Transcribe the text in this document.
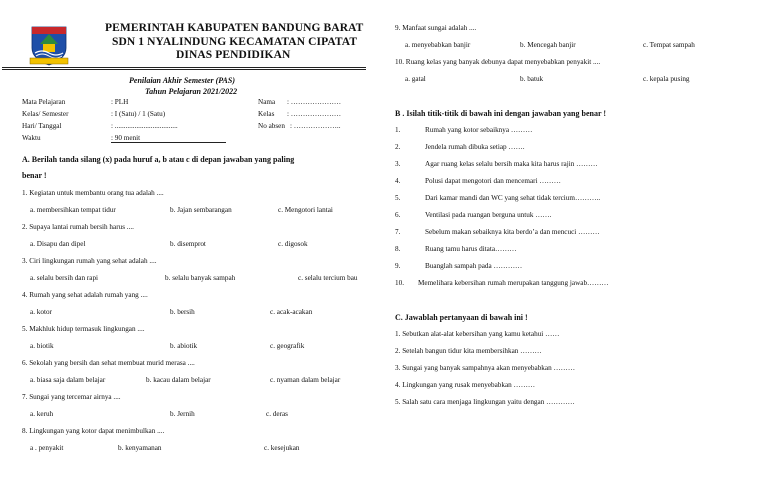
PEMERINTAH KABUPATEN BANDUNG BARAT
SDN 1 NYALINDUNG KECAMATAN CIPATAT
DINAS PENDIDIKAN
Penilaian Akhir Semester (PAS)
Tahun Pelajaran 2021/2022
Mata Pelajaran	: PLH
Kelas/ Semester	: I (Satu) / 1 (Satu)
Hari/ Tanggal	: ...................................
Waktu	: 90 menit
Nama : …………………
Kelas : …………………
No absen : ………………..
A. Berilah tanda silang (x) pada huruf a, b atau c di depan jawaban yang paling
benar !
1. Kegiatan untuk membantu orang tua adalah ....
a. membersihkan tempat tidur	b. Jajan sembarangan	c. Mengotori lantai
2. Supaya lantai rumah bersih harus ....
a. Disapu dan dipel	b. disemprot	c. digosok
3. Ciri lingkungan rumah yang sehat adalah ....
a. selalu bersih dan rapi	b. selalu banyak sampah	c. selalu tercium bau
4. Rumah yang sehat adalah rumah yang ....
a. kotor	b. bersih	c. acak-acakan
5. Makhluk hidup termasuk lingkungan ....
a. biotik	b. abiotik	c. geografik
6. Sekolah yang bersih dan sehat membuat murid merasa ....
a. biasa saja dalam belajar	b. kacau dalam belajar	c. nyaman dalam belajar
7. Sungai yang tercemar airnya ....
a. keruh	b. Jernih	c. deras
8. Lingkungan yang kotor dapat menimbulkan ....
a . penyakit	b. kenyamanan	c. kesejukan
9. Manfaat sungai adalah ....
a. menyebabkan banjir	b. Mencegah banjir	c. Tempat sampah
10. Ruang kelas yang banyak debunya dapat menyebabkan penyakit ....
a. gatal	b. batuk	c. kepala pusing
B . Isilah titik-titik di bawah ini dengan jawaban yang benar !
1.	Rumah yang kotor sebaiknya ………
2.	Jendela rumah dibuka setiap …….
3.	Agar ruang kelas selalu bersih maka kita harus rajin ………
4.	Polusi dapat mengotori dan mencemari ………
5.	Dari kamar mandi dan WC yang sehat tidak tercium………..
6.	Ventilasi pada ruangan berguna untuk …….
7.	Sebelum makan sebaiknya kita berdo’a dan mencuci ………
8.	Ruang tamu harus ditata………
9.	Buanglah sampah pada …………
10. Memelihara kebersihan rumah merupakan tanggung jawab………
C. Jawablah pertanyaan di bawah ini !
1. Sebutkan alat-alat kebersihan yang kamu ketahui ……
2. Setelah bangun tidur kita membersihkan ………
3. Sungai yang banyak sampahnya akan menyebabkan ………
4. Lingkungan yang rusak menyebabkan ………
5. Salah satu cara menjaga lingkungan yaitu dengan …………
